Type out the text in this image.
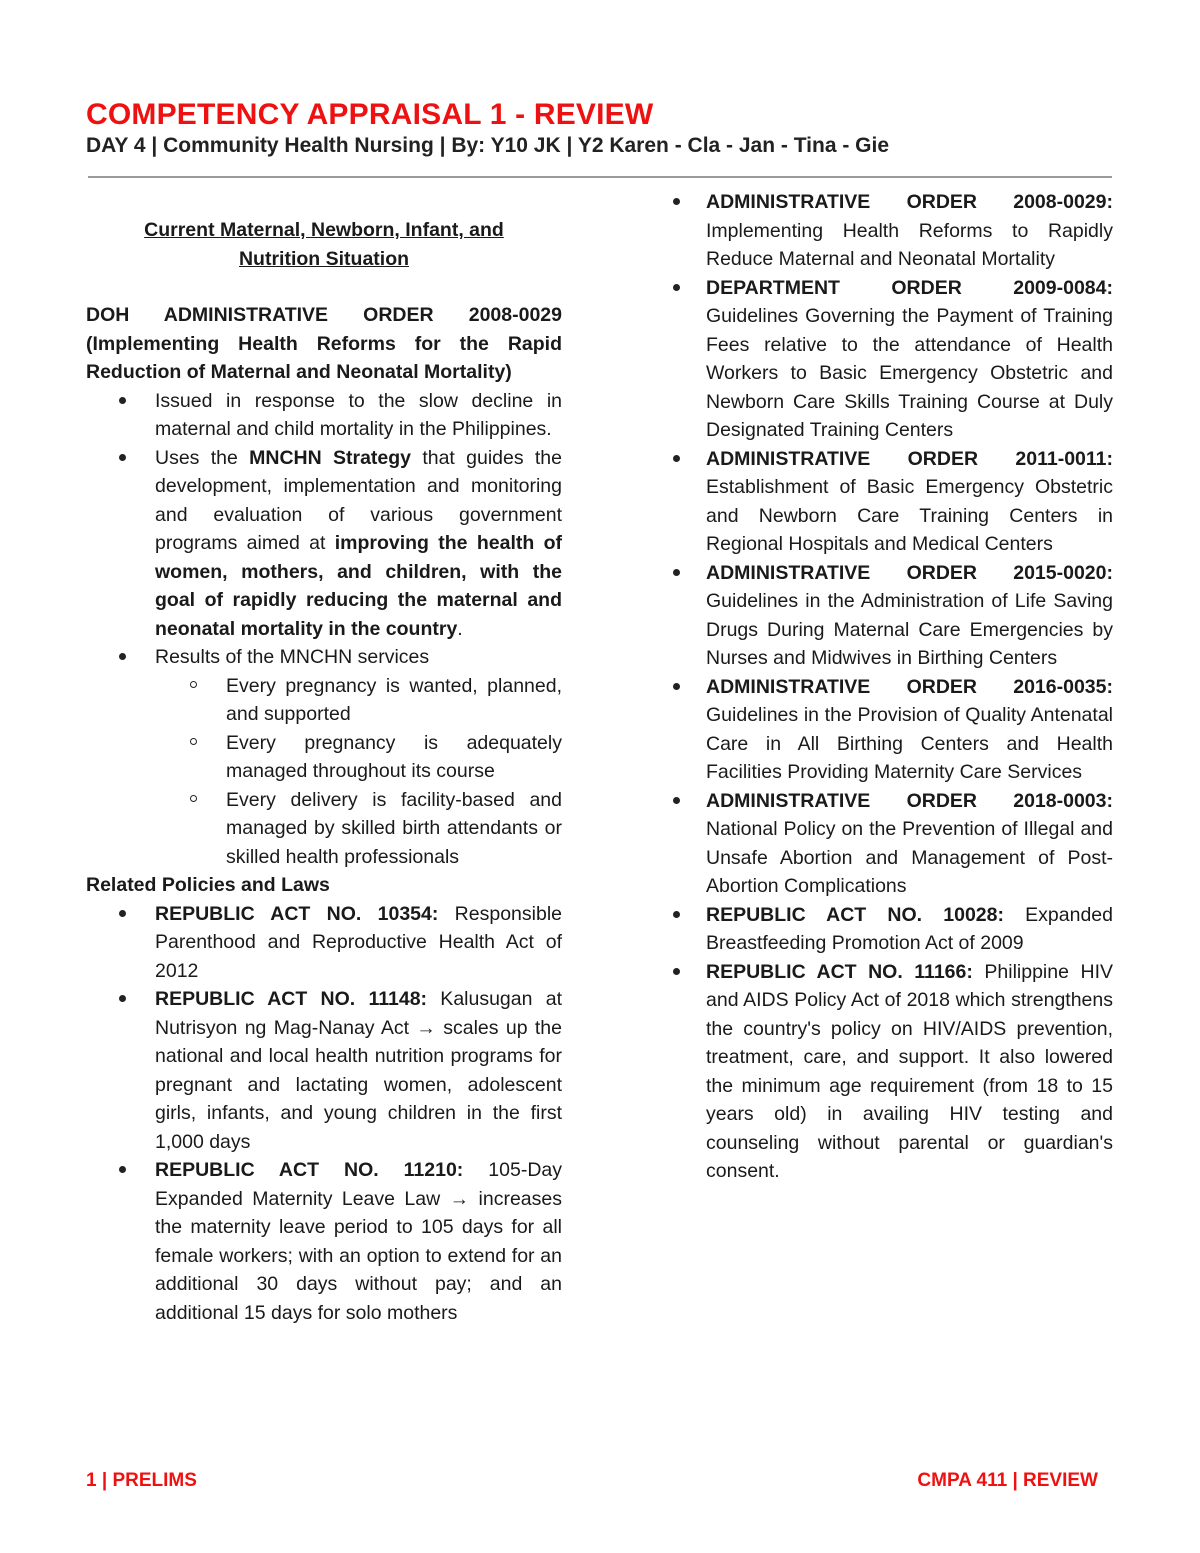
COMPETENCY APPRAISAL 1 - REVIEW
DAY 4 | Community Health Nursing | By: Y10 JK | Y2 Karen - Cla - Jan - Tina - Gie
Current Maternal, Newborn, Infant, and
Nutrition Situation
DOH ADMINISTRATIVE ORDER 2008-0029 (Implementing Health Reforms for the Rapid Reduction of Maternal and Neonatal Mortality)
Issued in response to the slow decline in maternal and child mortality in the Philippines.
Uses the MNCHN Strategy that guides the development, implementation and monitoring and evaluation of various government programs aimed at improving the health of women, mothers, and children, with the goal of rapidly reducing the maternal and neonatal mortality in the country.
Results of the MNCHN services
Every pregnancy is wanted, planned, and supported
Every pregnancy is adequately managed throughout its course
Every delivery is facility-based and managed by skilled birth attendants or skilled health professionals
Related Policies and Laws
REPUBLIC ACT NO. 10354: Responsible Parenthood and Reproductive Health Act of 2012
REPUBLIC ACT NO. 11148: Kalusugan at Nutrisyon ng Mag-Nanay Act → scales up the national and local health nutrition programs for pregnant and lactating women, adolescent girls, infants, and young children in the first 1,000 days
REPUBLIC ACT NO. 11210: 105-Day Expanded Maternity Leave Law → increases the maternity leave period to 105 days for all female workers; with an option to extend for an additional 30 days without pay; and an additional 15 days for solo mothers
ADMINISTRATIVE ORDER 2008-0029: Implementing Health Reforms to Rapidly Reduce Maternal and Neonatal Mortality
DEPARTMENT ORDER 2009-0084: Guidelines Governing the Payment of Training Fees relative to the attendance of Health Workers to Basic Emergency Obstetric and Newborn Care Skills Training Course at Duly Designated Training Centers
ADMINISTRATIVE ORDER 2011-0011: Establishment of Basic Emergency Obstetric and Newborn Care Training Centers in Regional Hospitals and Medical Centers
ADMINISTRATIVE ORDER 2015-0020: Guidelines in the Administration of Life Saving Drugs During Maternal Care Emergencies by Nurses and Midwives in Birthing Centers
ADMINISTRATIVE ORDER 2016-0035: Guidelines in the Provision of Quality Antenatal Care in All Birthing Centers and Health Facilities Providing Maternity Care Services
ADMINISTRATIVE ORDER 2018-0003: National Policy on the Prevention of Illegal and Unsafe Abortion and Management of Post-Abortion Complications
REPUBLIC ACT NO. 10028: Expanded Breastfeeding Promotion Act of 2009
REPUBLIC ACT NO. 11166: Philippine HIV and AIDS Policy Act of 2018 which strengthens the country's policy on HIV/AIDS prevention, treatment, care, and support. It also lowered the minimum age requirement (from 18 to 15 years old) in availing HIV testing and counseling without parental or guardian's consent.
1 | PRELIMS	CMPA 411 | REVIEW
